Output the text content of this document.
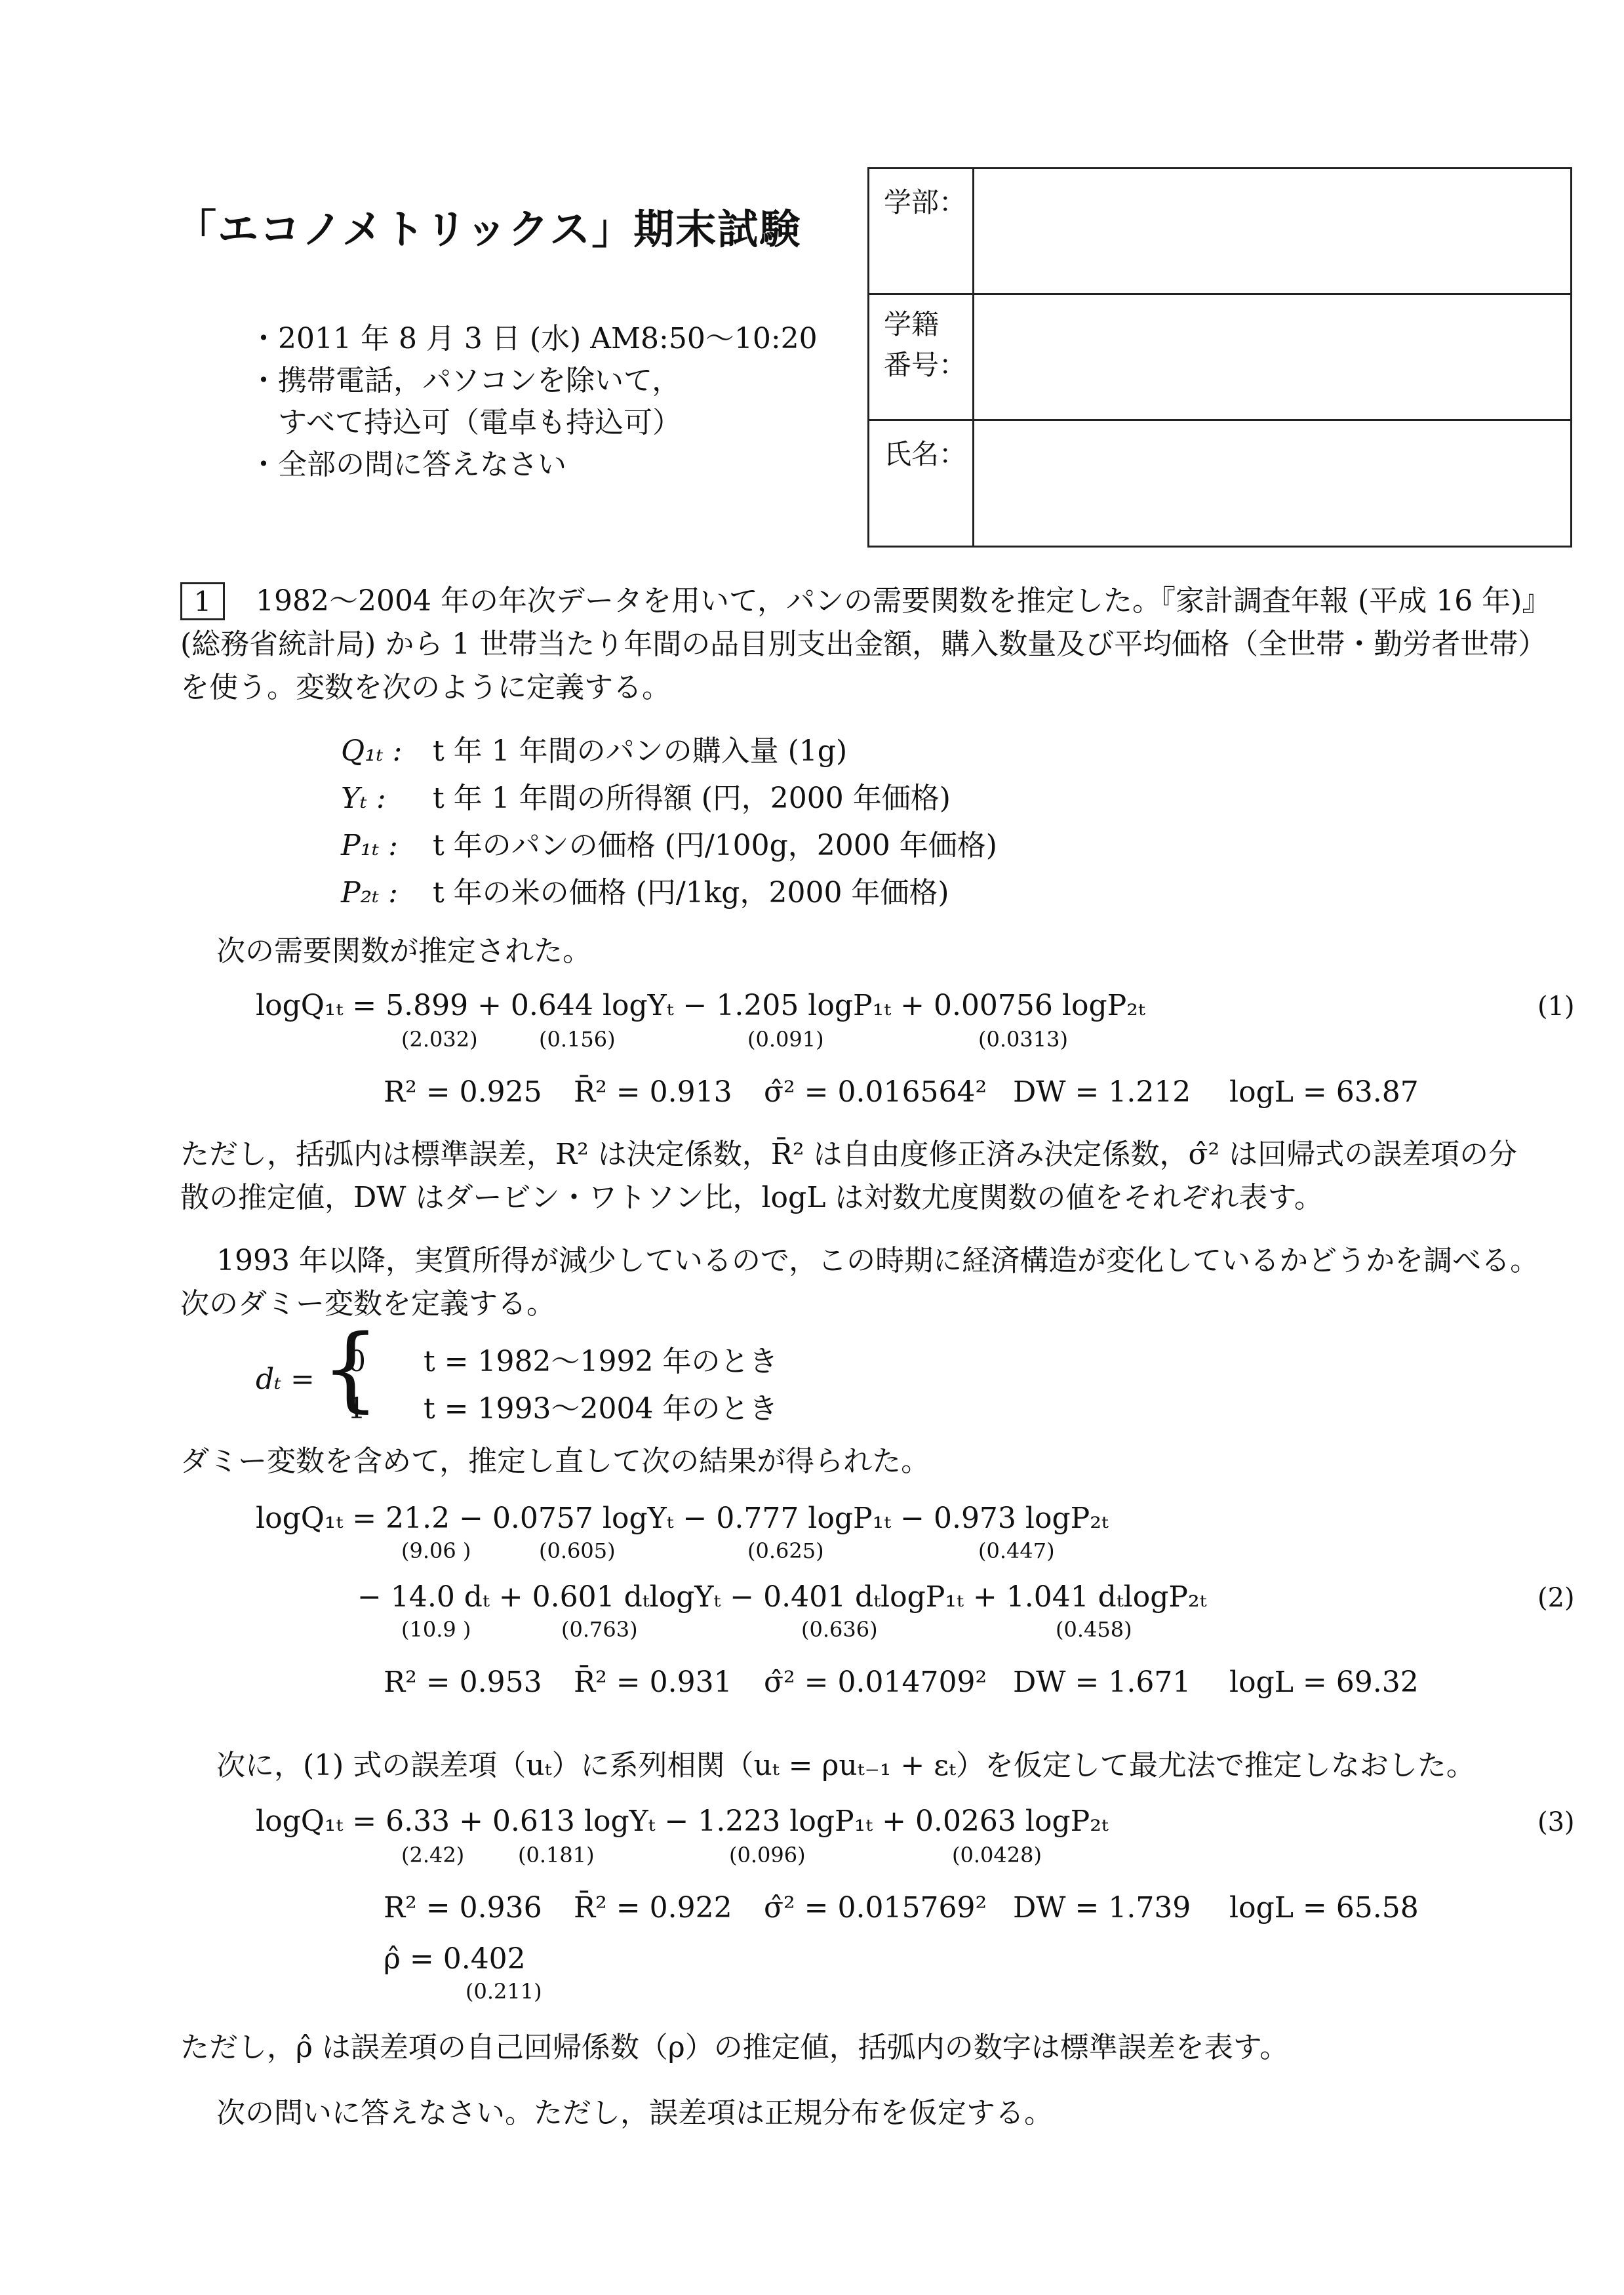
「エコノメトリックス」期末試験
・2011 年 8 月 3 日 (水) AM8:50〜10:20
・携帯電話，パソコンを除いて，
　すべて持込可（電卓も持込可）
・全部の問に答えなさい
学部：
学籍
番号：
氏名：
1	1982〜2004 年の年次データを用いて，パンの需要関数を推定した。『家計調査年報 (平成 16 年)』
(総務省統計局) から 1 世帯当たり年間の品目別支出金額，購入数量及び平均価格（全世帯・勤労者世帯）
を使う。変数を次のように定義する。
Q₁ₜ : t 年 1 年間のパンの購入量 (1g)
Yₜ : t 年 1 年間の所得額 (円，2000 年価格)
P₁ₜ : t 年のパンの価格 (円/100g，2000 年価格)
P₂ₜ : t 年の米の価格 (円/1kg，2000 年価格)
次の需要関数が推定された。
logQ₁ₜ = 5.899 + 0.644 logYₜ − 1.205 logP₁ₜ + 0.00756 logP₂ₜ
(2.032)	(0.156)	(0.091)	(0.0313)
(1)
R² = 0.925 R̄² = 0.913 σ̂² = 0.016564² DW = 1.212 logL = 63.87
ただし，括弧内は標準誤差，R² は決定係数，R̄² は自由度修正済み決定係数，σ̂² は回帰式の誤差項の分
散の推定値，DW はダービン・ワトソン比，logL は対数尤度関数の値をそれぞれ表す。
1993 年以降，実質所得が減少しているので，この時期に経済構造が変化しているかどうかを調べる。
次のダミー変数を定義する。
dₜ = {
0　　t = 1982〜1992 年のとき
1　　t = 1993〜2004 年のとき
ダミー変数を含めて，推定し直して次の結果が得られた。
logQ₁ₜ = 21.2 − 0.0757 logYₜ − 0.777 logP₁ₜ − 0.973 logP₂ₜ
(9.06 )	(0.605)	(0.625)	(0.447)
− 14.0 dₜ + 0.601 dₜlogYₜ − 0.401 dₜlogP₁ₜ + 1.041 dₜlogP₂ₜ
(10.9 )	(0.763)	(0.636)	(0.458)
(2)
R² = 0.953 R̄² = 0.931 σ̂² = 0.014709² DW = 1.671 logL = 69.32
次に，(1) 式の誤差項（uₜ）に系列相関（uₜ = ρuₜ₋₁ + εₜ）を仮定して最尤法で推定しなおした。
logQ₁ₜ = 6.33 + 0.613 logYₜ − 1.223 logP₁ₜ + 0.0263 logP₂ₜ
(2.42)	(0.181)	(0.096)	(0.0428)
(3)
R² = 0.936 R̄² = 0.922 σ̂² = 0.015769² DW = 1.739 logL = 65.58
ρ̂ = 0.402
(0.211)
ただし，ρ̂ は誤差項の自己回帰係数（ρ）の推定値，括弧内の数字は標準誤差を表す。
次の問いに答えなさい。ただし，誤差項は正規分布を仮定する。
